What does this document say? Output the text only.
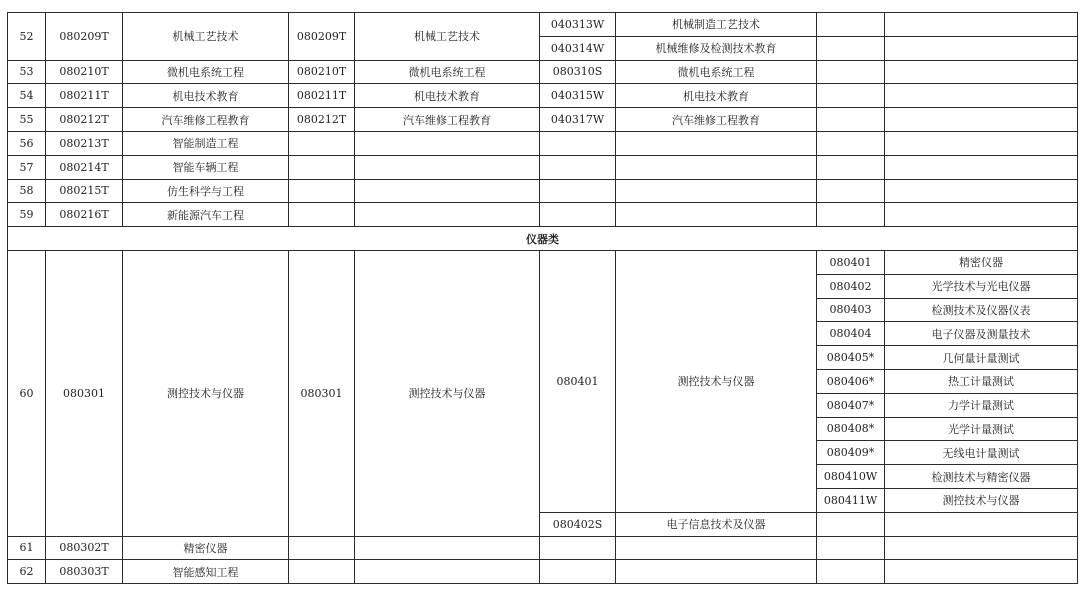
52	080209T	机械工艺技术	080209T	机械工艺技术	040313W	机械制造工艺技术		
					040314W	机械维修及检测技术教育		
53	080210T	微机电系统工程	080210T	微机电系统工程	080310S	微机电系统工程		
54	080211T	机电技术教育	080211T	机电技术教育	040315W	机电技术教育		
55	080212T	汽车维修工程教育	080212T	汽车维修工程教育	040317W	汽车维修工程教育		
56	080213T	智能制造工程						
57	080214T	智能车辆工程						
58	080215T	仿生科学与工程						
59	080216T	新能源汽车工程						
仪器类								
60	080301	测控技术与仪器	080301	测控技术与仪器	080401	测控技术与仪器	080401	精密仪器
							080402	光学技术与光电仪器
							080403	检测技术及仪器仪表
							080404	电子仪器及测量技术
							080405*	几何量计量测试
							080406*	热工计量测试
							080407*	力学计量测试
							080408*	光学计量测试
							080409*	无线电计量测试
							080410W	检测技术与精密仪器
							080411W	测控技术与仪器
					080402S	电子信息技术及仪器		
61	080302T	精密仪器						
62	080303T	智能感知工程						
